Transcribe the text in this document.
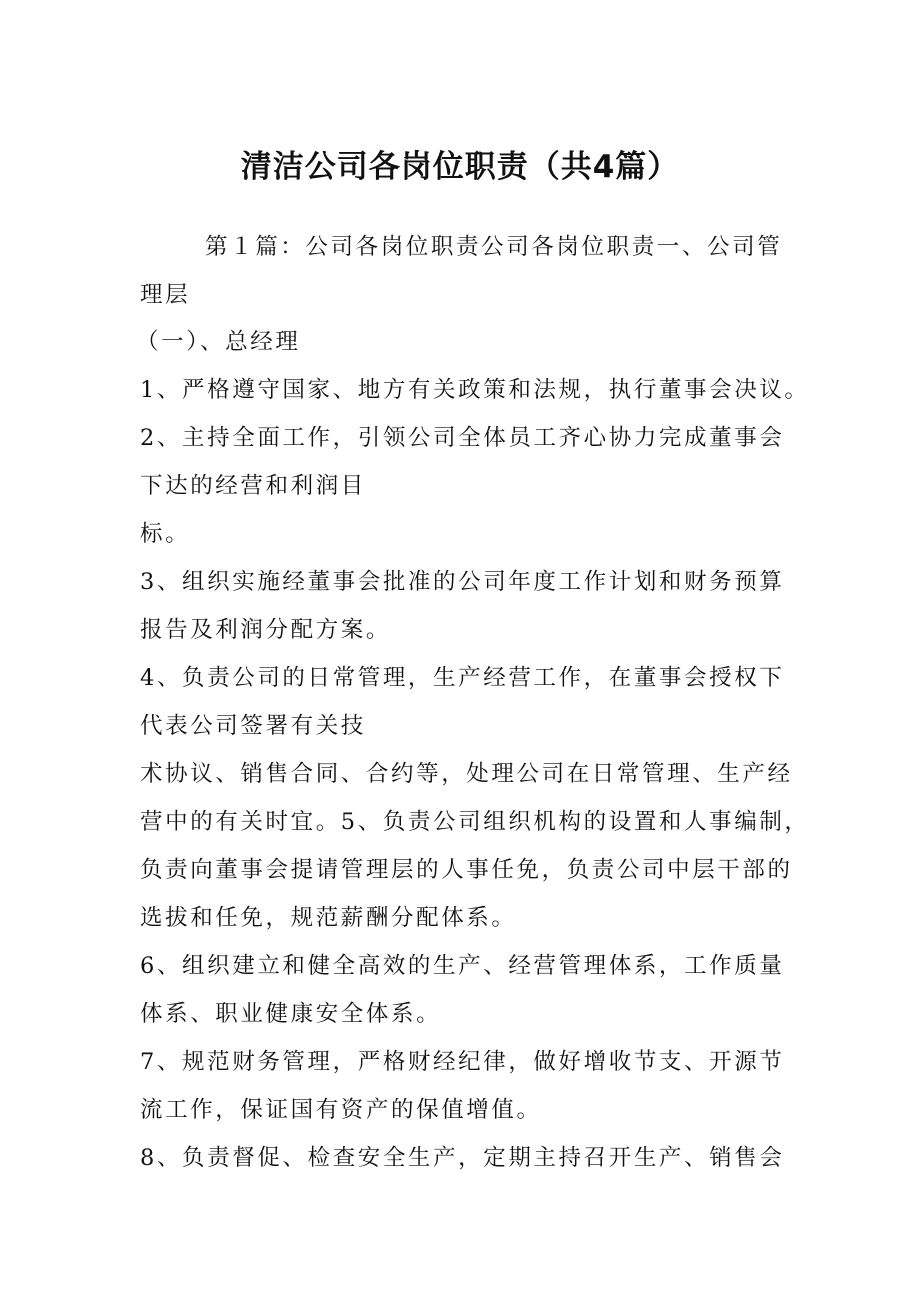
清洁公司各岗位职责（共4篇）
第１篇：公司各岗位职责公司各岗位职责一、公司管
理层
（一）、总经理
1、严格遵守国家、地方有关政策和法规，执行董事会决议。
2、主持全面工作，引领公司全体员工齐心协力完成董事会
下达的经营和利润目
标。
3、组织实施经董事会批准的公司年度工作计划和财务预算
报告及利润分配方案。
4、负责公司的日常管理，生产经营工作，在董事会授权下
代表公司签署有关技
术协议、销售合同、合约等，处理公司在日常管理、生产经
营中的有关时宜。5、负责公司组织机构的设置和人事编制，
负责向董事会提请管理层的人事任免，负责公司中层干部的
选拔和任免，规范薪酬分配体系。
6、组织建立和健全高效的生产、经营管理体系，工作质量
体系、职业健康安全体系。
7、规范财务管理，严格财经纪律，做好增收节支、开源节
流工作，保证国有资产的保值增值。
8、负责督促、检查安全生产，定期主持召开生产、销售会
